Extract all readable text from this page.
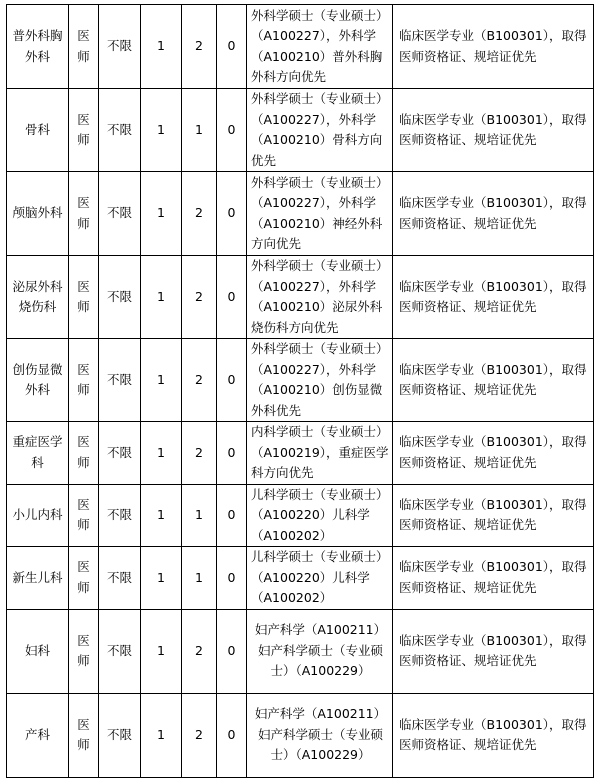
普外科胸外科	医师	不限	1	2	0	外科学硕士（专业硕士）（A100227），外科学（A100210）普外科胸外科方向优先	临床医学专业（B100301），取得医师资格证、规培证优先
骨科	医师	不限	1	1	0	外科学硕士（专业硕士）（A100227），外科学（A100210）骨科方向优先	临床医学专业（B100301），取得医师资格证、规培证优先
颅脑外科	医师	不限	1	2	0	外科学硕士（专业硕士）（A100227），外科学（A100210）神经外科方向优先	临床医学专业（B100301），取得医师资格证、规培证优先
泌尿外科烧伤科	医师	不限	1	2	0	外科学硕士（专业硕士）（A100227），外科学（A100210）泌尿外科烧伤科方向优先	临床医学专业（B100301），取得医师资格证、规培证优先
创伤显微外科	医师	不限	1	2	0	外科学硕士（专业硕士）（A100227），外科学（A100210）创伤显微外科优先	临床医学专业（B100301），取得医师资格证、规培证优先
重症医学科	医师	不限	1	2	0	内科学硕士（专业硕士）（A100219），重症医学科方向优先	临床医学专业（B100301），取得医师资格证、规培证优先
小儿内科	医师	不限	1	1	0	儿科学硕士（专业硕士）（A100220）儿科学（A100202）	临床医学专业（B100301），取得医师资格证、规培证优先
新生儿科	医师	不限	1	1	0	儿科学硕士（专业硕士）（A100220）儿科学（A100202）	临床医学专业（B100301），取得医师资格证、规培证优先
妇科	医师	不限	1	2	0	妇产科学（A100211）妇产科学硕士（专业硕士）（A100229）	临床医学专业（B100301），取得医师资格证、规培证优先
产科	医师	不限	1	2	0	妇产科学（A100211）妇产科学硕士（专业硕士）（A100229）	临床医学专业（B100301），取得医师资格证、规培证优先
